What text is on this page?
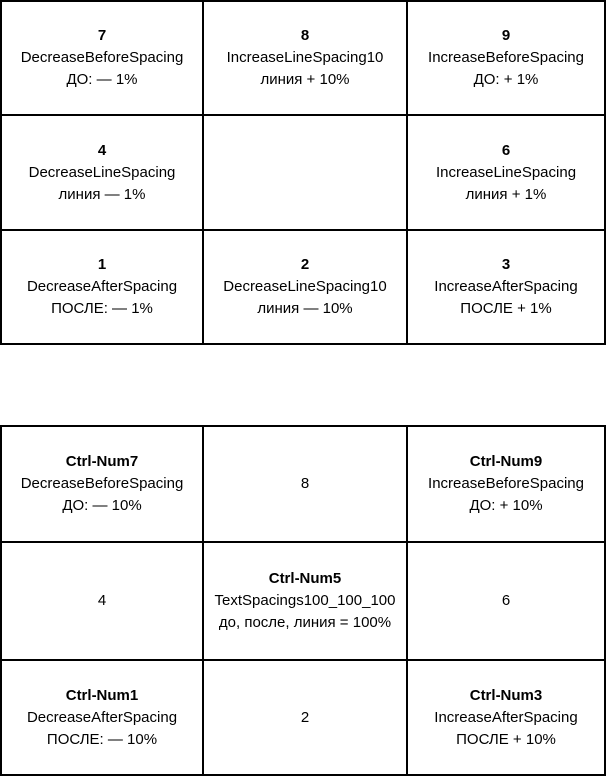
7
DecreaseBeforeSpacing
ДО: — 1%
8
IncreaseLineSpacing10
линия + 10%
9
IncreaseBeforeSpacing
ДО: + 1%
4
DecreaseLineSpacing
линия — 1%
6
IncreaseLineSpacing
линия + 1%
1
DecreaseAfterSpacing
ПОСЛЕ: — 1%
2
DecreaseLineSpacing10
линия — 10%
3
IncreaseAfterSpacing
ПОСЛЕ + 1%
Ctrl-Num7
DecreaseBeforeSpacing
ДО: — 10%
8
Ctrl-Num9
IncreaseBeforeSpacing
ДО: + 10%
4
Ctrl-Num5
TextSpacings100_100_100
до, после, линия = 100%
6
Ctrl-Num1
DecreaseAfterSpacing
ПОСЛЕ: — 10%
2
Ctrl-Num3
IncreaseAfterSpacing
ПОСЛЕ + 10%
